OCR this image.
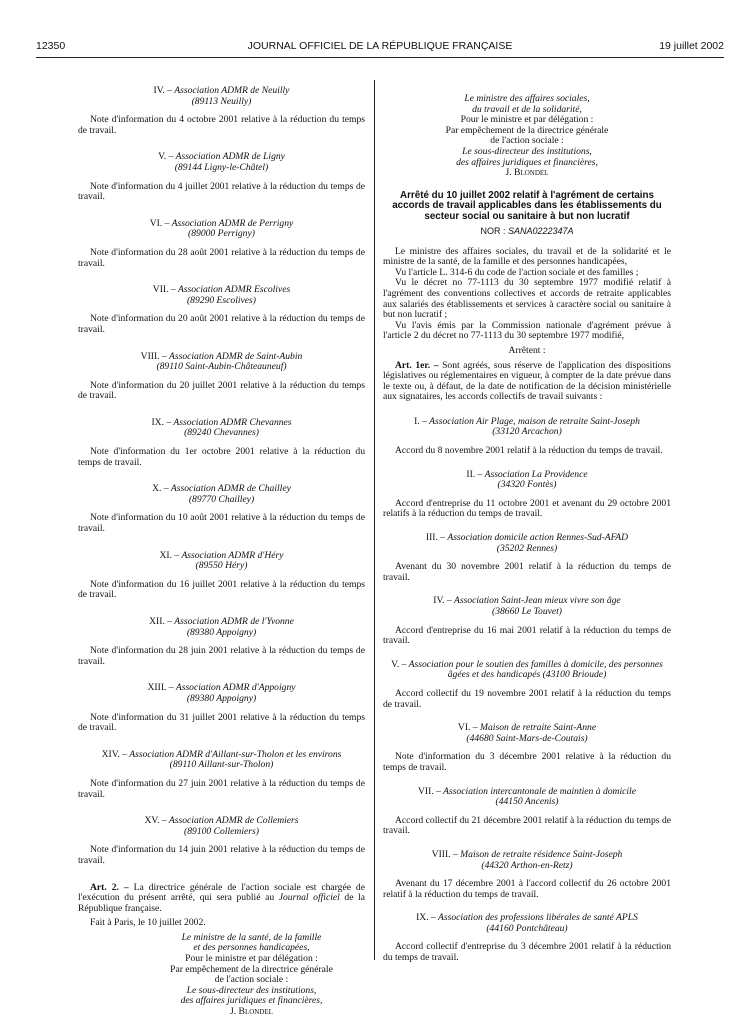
12350	JOURNAL OFFICIEL DE LA RÉPUBLIQUE FRANÇAISE	19 juillet 2002
IV. – Association ADMR de Neuilly
(89113 Neuilly)

Note d'information du 4 octobre 2001 relative à la réduction du temps de travail.

V. – Association ADMR de Ligny
(89144 Ligny-le-Châtel)

Note d'information du 4 juillet 2001 relative à la réduction du temps de travail.

VI. – Association ADMR de Perrigny
(89000 Perrigny)

Note d'information du 28 août 2001 relative à la réduction du temps de travail.

VII. – Association ADMR Escolives
(89290 Escolives)

Note d'information du 20 août 2001 relative à la réduction du temps de travail.

VIII. – Association ADMR de Saint-Aubin
(89110 Saint-Aubin-Châteauneuf)

Note d'information du 20 juillet 2001 relative à la réduction du temps de travail.

IX. – Association ADMR Chevannes
(89240 Chevannes)

Note d'information du 1er octobre 2001 relative à la réduction du temps de travail.

X. – Association ADMR de Chailley
(89770 Chailley)

Note d'information du 10 août 2001 relative à la réduction du temps de travail.

XI. – Association ADMR d'Héry
(89550 Héry)

Note d'information du 16 juillet 2001 relative à la réduction du temps de travail.

XII. – Association ADMR de l'Yvonne
(89380 Appoigny)

Note d'information du 28 juin 2001 relative à la réduction du temps de travail.

XIII. – Association ADMR d'Appoigny
(89380 Appoigny)

Note d'information du 31 juillet 2001 relative à la réduction du temps de travail.

XIV. – Association ADMR d'Aillant-sur-Tholon et les environs
(89110 Aillant-sur-Tholon)

Note d'information du 27 juin 2001 relative à la réduction du temps de travail.

XV. – Association ADMR de Collemiers
(89100 Collemiers)

Note d'information du 14 juin 2001 relative à la réduction du temps de travail.

Art. 2. – La directrice générale de l'action sociale est chargée de l'exécution du présent arrêté, qui sera publié au Journal officiel de la République française.

Fait à Paris, le 10 juillet 2002.

Le ministre de la santé, de la famille
et des personnes handicapées,
Pour le ministre et par délégation :
Par empêchement de la directrice générale
de l'action sociale :
Le sous-directeur des institutions,
des affaires juridiques et financières,
J. Blondel
Le ministre des affaires sociales,
du travail et de la solidarité,
Pour le ministre et par délégation :
Par empêchement de la directrice générale
de l'action sociale :
Le sous-directeur des institutions,
des affaires juridiques et financières,
J. Blondel
Arrêté du 10 juillet 2002 relatif à l'agrément de certains accords de travail applicables dans les établissements du secteur social ou sanitaire à but non lucratif
NOR : SANA0222347A

Le ministre des affaires sociales, du travail et de la solidarité et le ministre de la santé, de la famille et des personnes handicapées,

Vu l'article L. 314-6 du code de l'action sociale et des familles ;

Vu le décret no 77-1113 du 30 septembre 1977 modifié relatif à l'agrément des conventions collectives et accords de retraite applicables aux salariés des établissements et services à caractère social ou sanitaire à but non lucratif ;

Vu l'avis émis par la Commission nationale d'agrément prévue à l'article 2 du décret no 77-1113 du 30 septembre 1977 modifié,

Arrêtent :

Art. 1er. – Sont agréés, sous réserve de l'application des dispositions législatives ou réglementaires en vigueur, à compter de la date prévue dans le texte ou, à défaut, de la date de notification de la décision ministérielle aux signataires, les accords collectifs de travail suivants :

I. – Association Air Plage, maison de retraite Saint-Joseph
(33120 Arcachon)

Accord du 8 novembre 2001 relatif à la réduction du temps de travail.

II. – Association La Providence
(34320 Fontès)

Accord d'entreprise du 11 octobre 2001 et avenant du 29 octobre 2001 relatifs à la réduction du temps de travail.

III. – Association domicile action Rennes-Sud-AFAD
(35202 Rennes)

Avenant du 30 novembre 2001 relatif à la réduction du temps de travail.

IV. – Association Saint-Jean mieux vivre son âge
(38660 Le Touvet)

Accord d'entreprise du 16 mai 2001 relatif à la réduction du temps de travail.

V. – Association pour le soutien des familles à domicile, des personnes âgées et des handicapés (43100 Brioude)

Accord collectif du 19 novembre 2001 relatif à la réduction du temps de travail.

VI. – Maison de retraite Saint-Anne
(44680 Saint-Mars-de-Coutais)

Note d'information du 3 décembre 2001 relative à la réduction du temps de travail.

VII. – Association intercantonale de maintien à domicile
(44150 Ancenis)

Accord collectif du 21 décembre 2001 relatif à la réduction du temps de travail.

VIII. – Maison de retraite résidence Saint-Joseph
(44320 Arthon-en-Retz)

Avenant du 17 décembre 2001 à l'accord collectif du 26 octobre 2001 relatif à la réduction du temps de travail.

IX. – Association des professions libérales de santé APLS
(44160 Pontchâteau)

Accord collectif d'entreprise du 3 décembre 2001 relatif à la réduction du temps de travail.
